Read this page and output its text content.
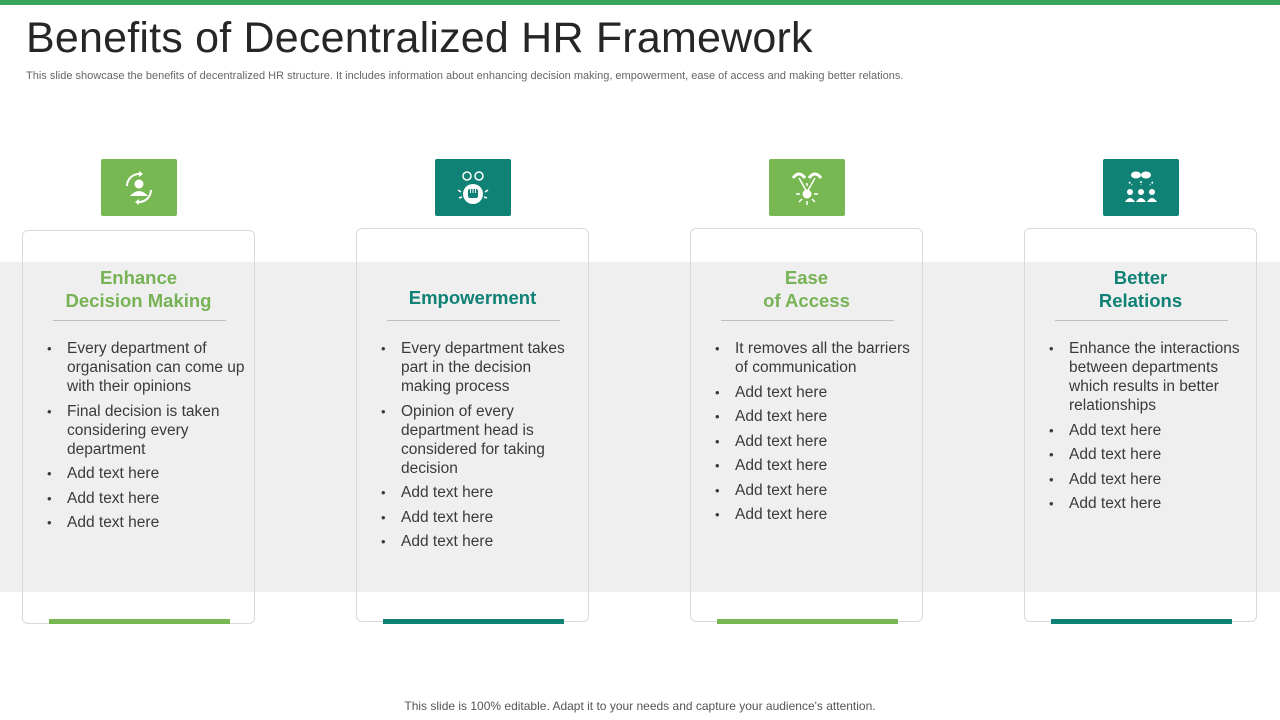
Benefits of Decentralized HR Framework
This slide showcase the benefits of decentralized HR structure. It includes information about enhancing decision making, empowerment, ease of access and making better relations.
Enhance
Decision Making
• Every department of organisation can come up with their opinions
• Final decision is taken considering every department
• Add text here
• Add text here
• Add text here
Empowerment
• Every department takes part in the decision making process
• Opinion of every department head is considered for taking decision
• Add text here
• Add text here
• Add text here
Ease
of Access
• It removes all the barriers of communication
• Add text here
• Add text here
• Add text here
• Add text here
• Add text here
• Add text here
Better
Relations
• Enhance the interactions between departments which results in better relationships
• Add text here
• Add text here
• Add text here
• Add text here
This slide is 100% editable. Adapt it to your needs and capture your audience's attention.
